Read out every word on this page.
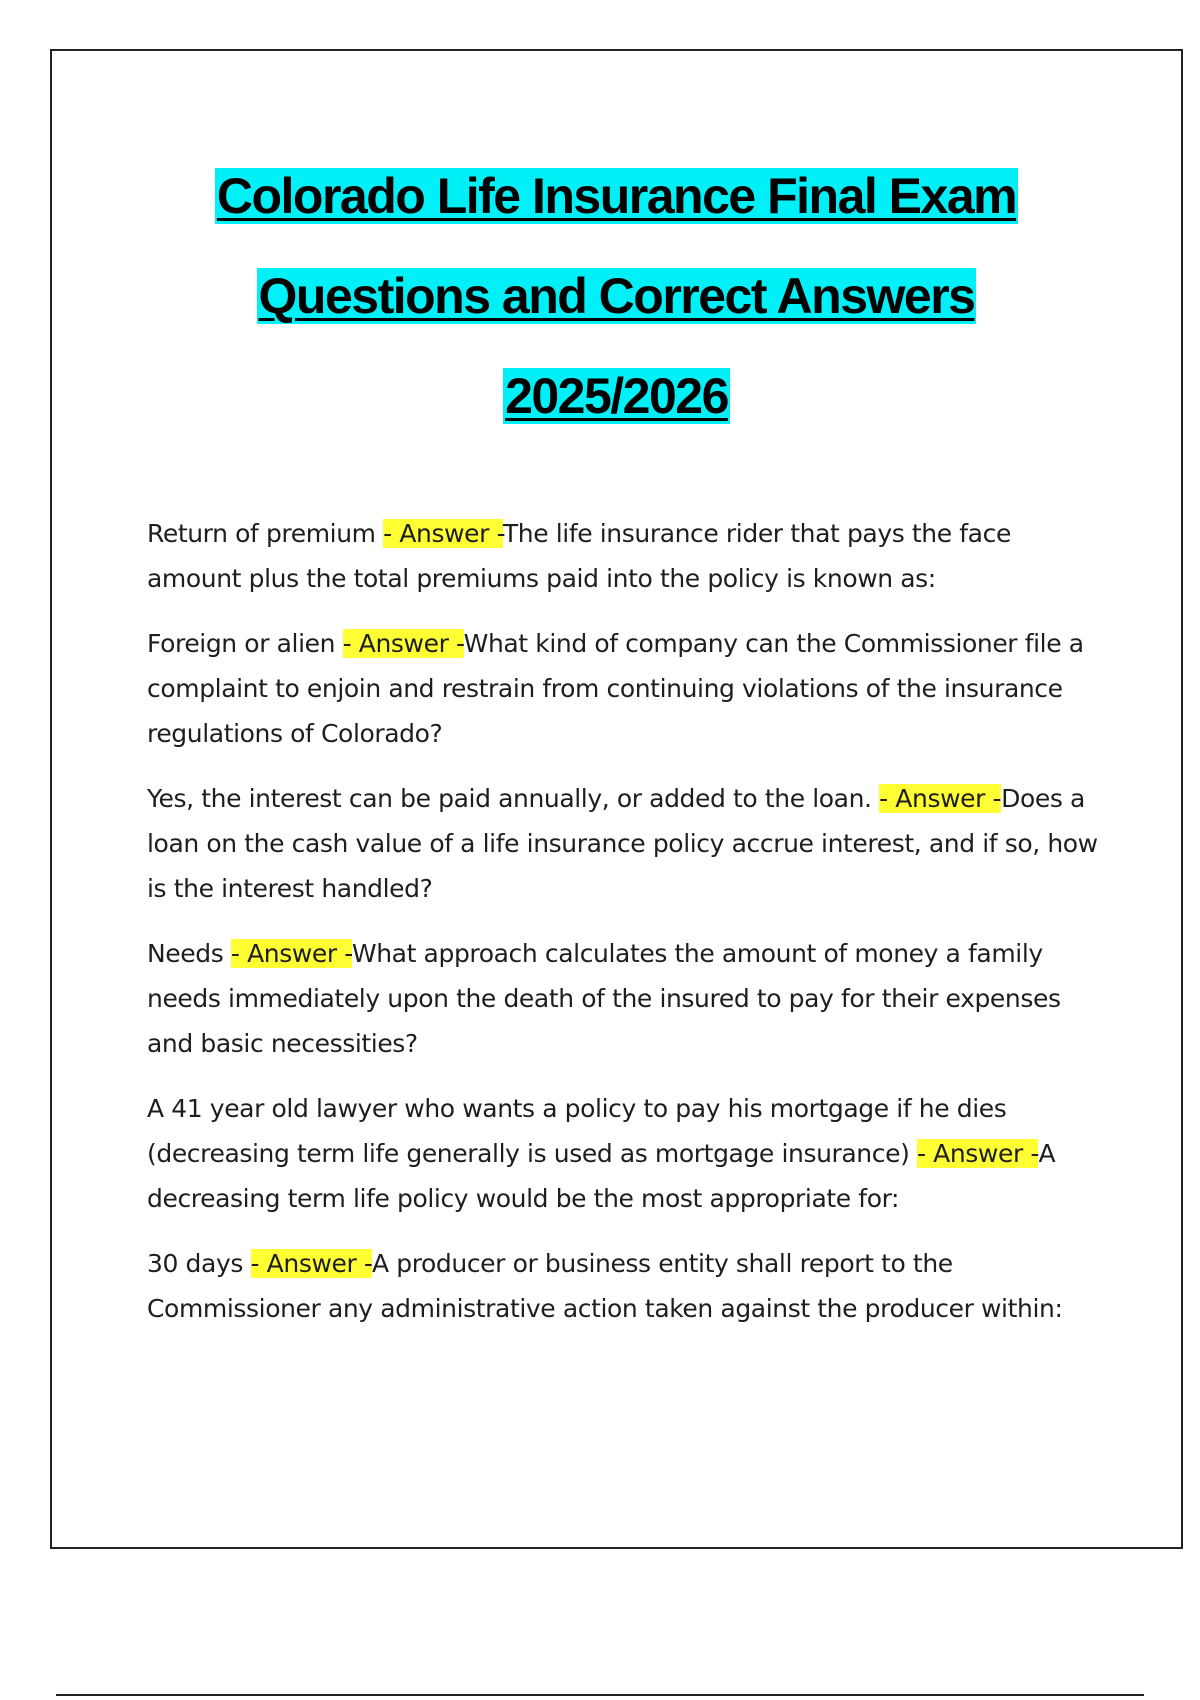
Colorado Life Insurance Final Exam
Questions and Correct Answers
2025/2026

Return of premium - Answer -The life insurance rider that pays the face amount plus the total premiums paid into the policy is known as:

Foreign or alien - Answer -What kind of company can the Commissioner file a complaint to enjoin and restrain from continuing violations of the insurance regulations of Colorado?

Yes, the interest can be paid annually, or added to the loan. - Answer -Does a loan on the cash value of a life insurance policy accrue interest, and if so, how is the interest handled?

Needs - Answer -What approach calculates the amount of money a family needs immediately upon the death of the insured to pay for their expenses and basic necessities?

A 41 year old lawyer who wants a policy to pay his mortgage if he dies (decreasing term life generally is used as mortgage insurance) - Answer -A decreasing term life policy would be the most appropriate for:

30 days - Answer -A producer or business entity shall report to the Commissioner any administrative action taken against the producer within:
